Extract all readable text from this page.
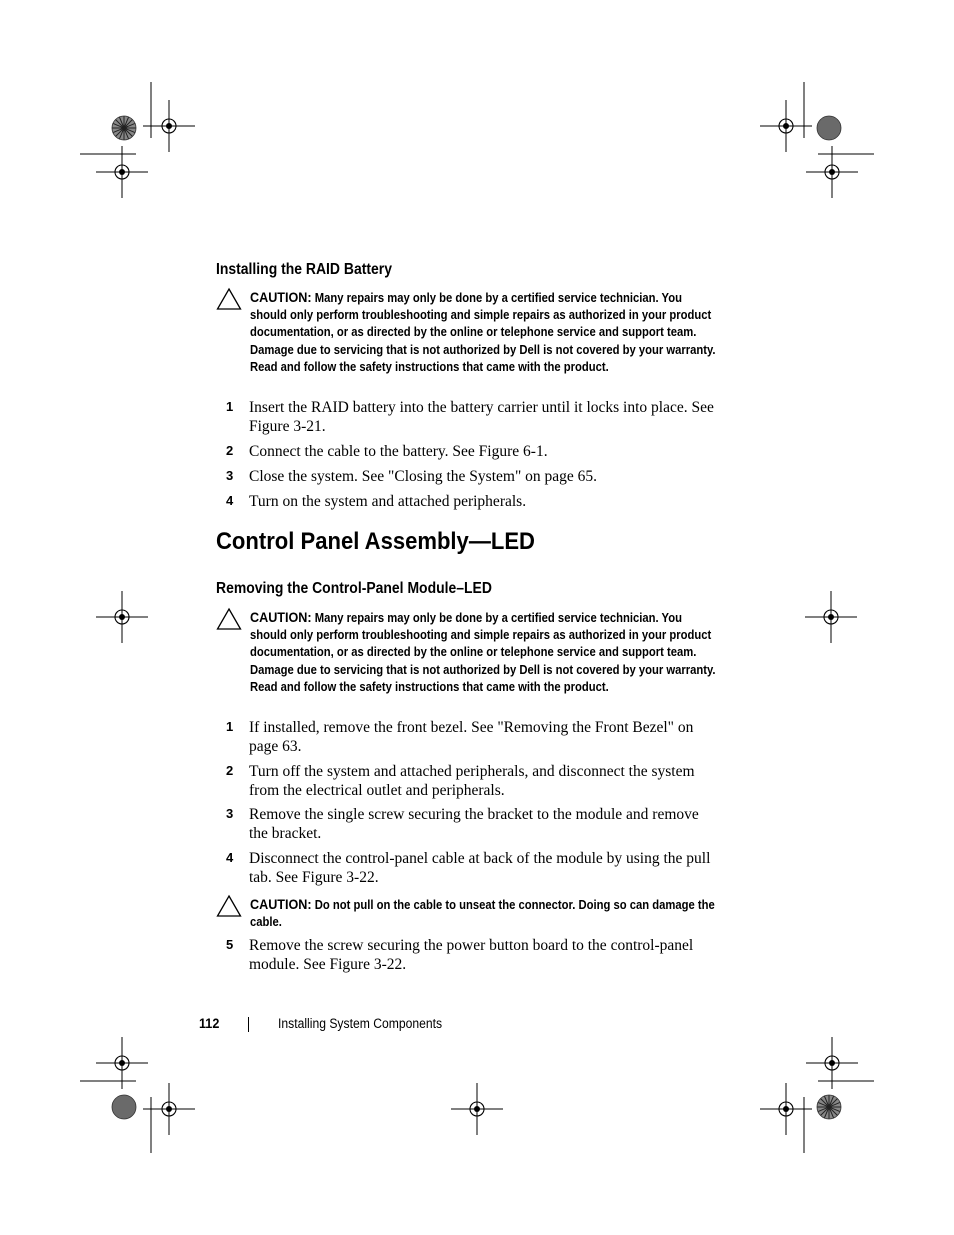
Installing the RAID Battery
CAUTION: Many repairs may only be done by a certified service technician. You should only perform troubleshooting and simple repairs as authorized in your product documentation, or as directed by the online or telephone service and support team. Damage due to servicing that is not authorized by Dell is not covered by your warranty. Read and follow the safety instructions that came with the product.
1	Insert the RAID battery into the battery carrier until it locks into place. See Figure 3-21.
2	Connect the cable to the battery. See Figure 6-1.
3	Close the system. See "Closing the System" on page 65.
4	Turn on the system and attached peripherals.
Control Panel Assembly—LED
Removing the Control-Panel Module–LED
CAUTION: Many repairs may only be done by a certified service technician. You should only perform troubleshooting and simple repairs as authorized in your product documentation, or as directed by the online or telephone service and support team. Damage due to servicing that is not authorized by Dell is not covered by your warranty. Read and follow the safety instructions that came with the product.
1	If installed, remove the front bezel. See "Removing the Front Bezel" on page 63.
2	Turn off the system and attached peripherals, and disconnect the system from the electrical outlet and peripherals.
3	Remove the single screw securing the bracket to the module and remove the bracket.
4	Disconnect the control-panel cable at back of the module by using the pull tab. See Figure 3-22.
CAUTION: Do not pull on the cable to unseat the connector. Doing so can damage the cable.
5	Remove the screw securing the power button board to the control-panel module. See Figure 3-22.
112	Installing System Components
